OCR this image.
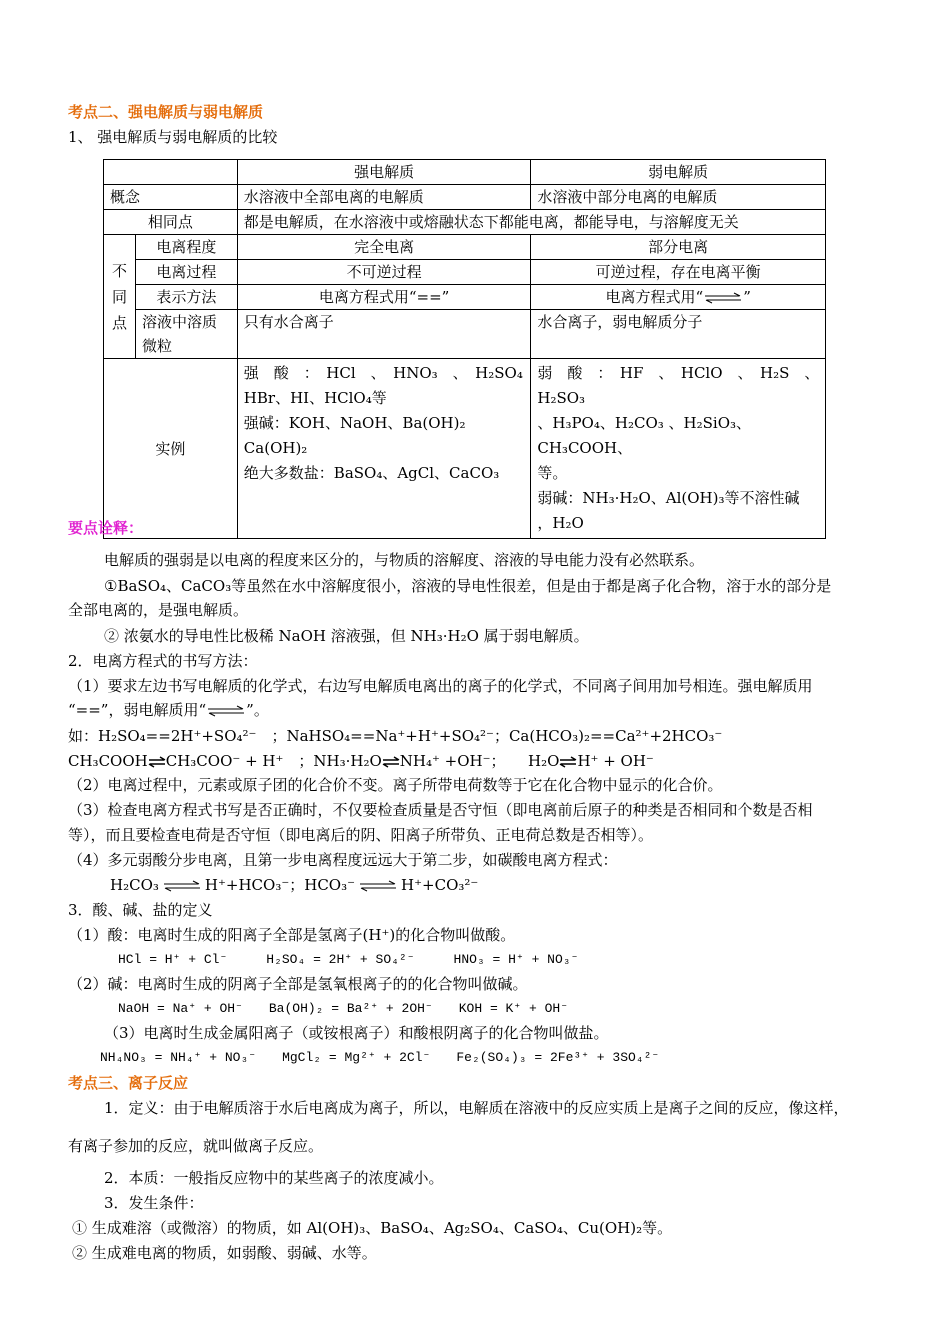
考点二、强电解质与弱电解质
1、 强电解质与弱电解质的比较
		强电解质	弱电解质
概念		水溶液中全部电离的电解质	水溶液中部分电离的电解质
相同点		都是电解质，在水溶液中或熔融状态下都能电离，都能导电，与溶解度无关	
不
同
点	电离程度	完全电离	部分电离
	电离过程	不可逆过程	可逆过程，存在电离平衡
	表示方法	电离方程式用“==”	电离方程式用“⇌”
	溶液中溶质
微粒	只有水合离子	水合离子，弱电解质分子
实例		强　酸　：　HCl　、　HNO₃　、　H₂SO₄
HBr、HI、HClO₄等
强碱：KOH、NaOH、Ba(OH)₂ Ca(OH)₂
绝大多数盐：BaSO₄、AgCl、CaCO₃	弱　酸　：　HF　、　HClO　、　H₂S　、　H₂SO₃
、H₃PO₄、H₂CO₃ 、H₂SiO₃、CH₃COOH、
等。
弱碱：NH₃·H₂O、Al(OH)₃等不溶性碱
，H₂O
要点诠释：
电解质的强弱是以电离的程度来区分的，与物质的溶解度、溶液的导电能力没有必然联系。
①BaSO₄、CaCO₃等虽然在水中溶解度很小，溶液的导电性很差，但是由于都是离子化合物，溶于水的部分是
全部电离的，是强电解质。
② 浓氨水的导电性比极稀 NaOH 溶液强，但 NH₃·H₂O 属于弱电解质。
2．电离方程式的书写方法：
（1）要求左边书写电解质的化学式，右边写电解质电离出的离子的化学式，不同离子间用加号相连。强电解质用
“==”，弱电解质用“⇌”。
如：H₂SO₄==2H⁺+SO₄²⁻　；NaHSO₄==Na⁺+H⁺+SO₄²⁻；Ca(HCO₃)₂==Ca²⁺+2HCO₃⁻
CH₃COOH⇌CH₃COO⁻ + H⁺　；NH₃·H₂O⇌NH₄⁺ +OH⁻；　　H₂O⇌H⁺ + OH⁻
（2）电离过程中，元素或原子团的化合价不变。离子所带电荷数等于它在化合物中显示的化合价。
（3）检查电离方程式书写是否正确时，不仅要检查质量是否守恒（即电离前后原子的种类是否相同和个数是否相
等），而且要检查电荷是否守恒（即电离后的阴、阳离子所带负、正电荷总数是否相等）。
（4）多元弱酸分步电离，且第一步电离程度远远大于第二步，如碳酸电离方程式：
H₂CO₃⇌H⁺+HCO₃⁻；HCO₃⁻⇌H⁺+CO₃²⁻
3．酸、碱、盐的定义
（1）酸：电离时生成的阳离子全部是氢离子(H⁺)的化合物叫做酸。
HCl = H⁺ + Cl⁻　　　H₂SO₄ = 2H⁺ + SO₄²⁻　　　HNO₃ = H⁺ + NO₃⁻
（2）碱：电离时生成的阴离子全部是氢氧根离子的的化合物叫做碱。
NaOH = Na⁺ + OH⁻　　Ba(OH)₂ = Ba²⁺ + 2OH⁻　　KOH = K⁺ + OH⁻
（3）电离时生成金属阳离子（或铵根离子）和酸根阴离子的化合物叫做盐。
NH₄NO₃ = NH₄⁺ + NO₃⁻　　MgCl₂ = Mg²⁺ + 2Cl⁻　　Fe₂(SO₄)₃ = 2Fe³⁺ + 3SO₄²⁻
考点三、离子反应
1．定义：由于电解质溶于水后电离成为离子，所以，电解质在溶液中的反应实质上是离子之间的反应，像这样，
有离子参加的反应，就叫做离子反应。
2．本质：一般指反应物中的某些离子的浓度减小。
3．发生条件：
① 生成难溶（或微溶）的物质，如 Al(OH)₃、BaSO₄、Ag₂SO₄、CaSO₄、Cu(OH)₂等。
② 生成难电离的物质，如弱酸、弱碱、水等。
